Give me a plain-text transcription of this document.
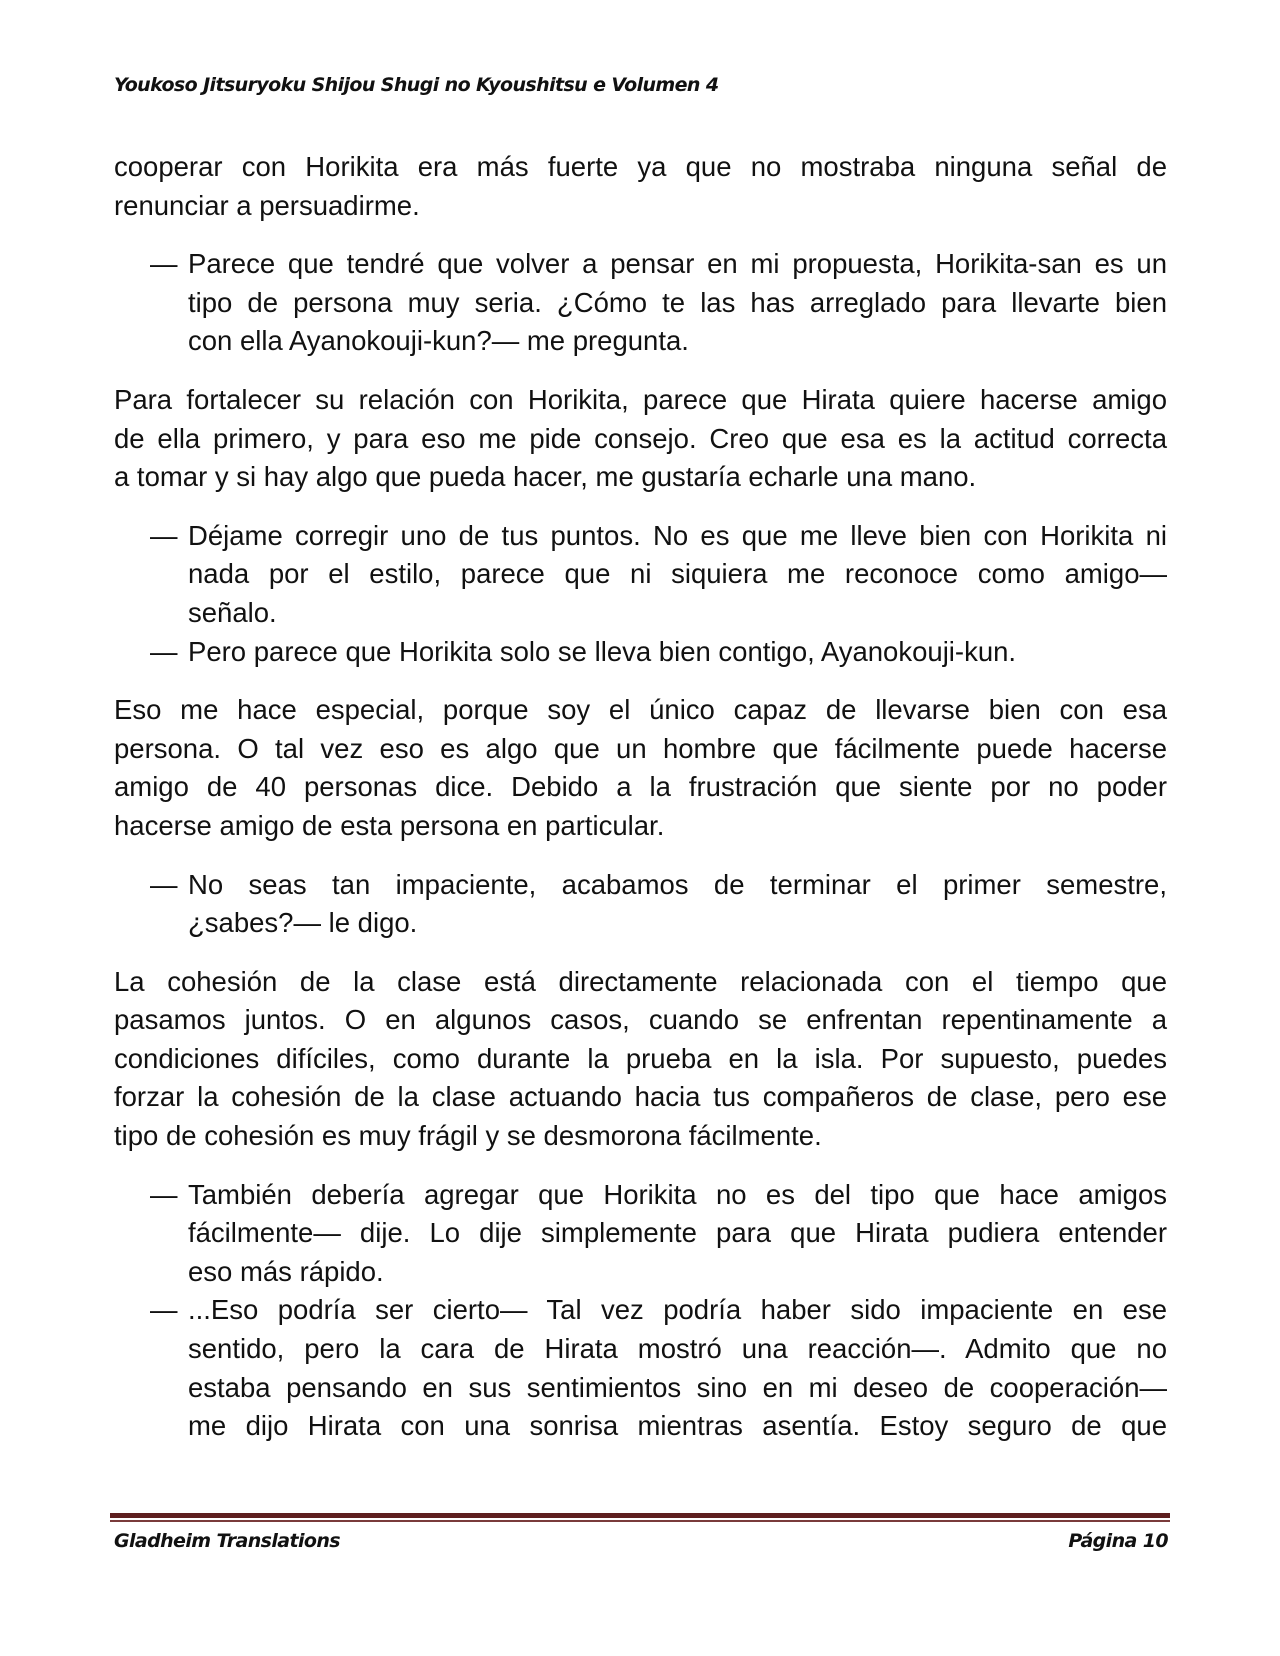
Youkoso Jitsuryoku Shijou Shugi no Kyoushitsu e Volumen 4
cooperar con Horikita era más fuerte ya que no mostraba ninguna señal de
renunciar a persuadirme.
— Parece que tendré que volver a pensar en mi propuesta, Horikita-san es un
tipo de persona muy seria. ¿Cómo te las has arreglado para llevarte bien
con ella Ayanokouji-kun?— me pregunta.
Para fortalecer su relación con Horikita, parece que Hirata quiere hacerse amigo
de ella primero, y para eso me pide consejo. Creo que esa es la actitud correcta
a tomar y si hay algo que pueda hacer, me gustaría echarle una mano.
— Déjame corregir uno de tus puntos. No es que me lleve bien con Horikita ni
nada por el estilo, parece que ni siquiera me reconoce como amigo—
señalo.
— Pero parece que Horikita solo se lleva bien contigo, Ayanokouji-kun.
Eso me hace especial, porque soy el único capaz de llevarse bien con esa
persona. O tal vez eso es algo que un hombre que fácilmente puede hacerse
amigo de 40 personas dice. Debido a la frustración que siente por no poder
hacerse amigo de esta persona en particular.
— No seas tan impaciente, acabamos de terminar el primer semestre,
¿sabes?— le digo.
La cohesión de la clase está directamente relacionada con el tiempo que
pasamos juntos. O en algunos casos, cuando se enfrentan repentinamente a
condiciones difíciles, como durante la prueba en la isla. Por supuesto, puedes
forzar la cohesión de la clase actuando hacia tus compañeros de clase, pero ese
tipo de cohesión es muy frágil y se desmorona fácilmente.
— También debería agregar que Horikita no es del tipo que hace amigos
fácilmente— dije. Lo dije simplemente para que Hirata pudiera entender
eso más rápido.
— ...Eso podría ser cierto— Tal vez podría haber sido impaciente en ese
sentido, pero la cara de Hirata mostró una reacción—. Admito que no
estaba pensando en sus sentimientos sino en mi deseo de cooperación—
me dijo Hirata con una sonrisa mientras asentía. Estoy seguro de que
Gladheim Translations	Página 10
